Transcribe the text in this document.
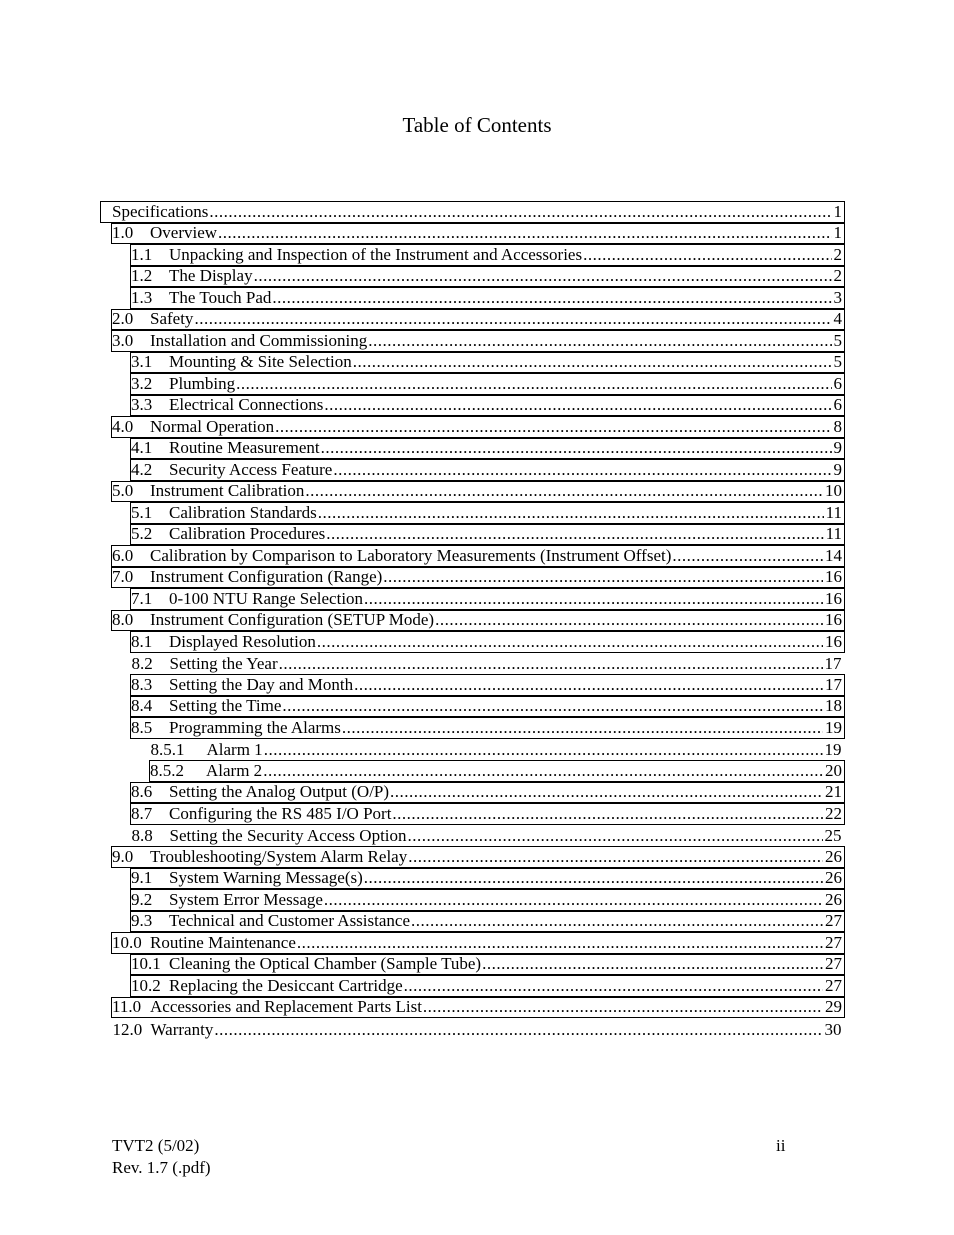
Table of Contents
Specifications .....	1
1.0 Overview .....	1
1.1 Unpacking and Inspection of the Instrument and Accessories .....	2
1.2 The Display .....	2
1.3 The Touch Pad .....	3
2.0 Safety .....	4
3.0 Installation and Commissioning .....	5
3.1 Mounting & Site Selection .....	5
3.2 Plumbing .....	6
3.3 Electrical Connections .....	6
4.0 Normal Operation .....	8
4.1 Routine Measurement .....	9
4.2 Security Access Feature .....	9
5.0 Instrument Calibration .....	10
5.1 Calibration Standards .....	11
5.2 Calibration Procedures .....	11
6.0 Calibration by Comparison to Laboratory Measurements (Instrument Offset) .....	14
7.0 Instrument Configuration (Range) .....	16
7.1 0-100 NTU Range Selection .....	16
8.0 Instrument Configuration (SETUP Mode) .....	16
8.1 Displayed Resolution .....	16
8.2 Setting the Year .....	17
8.3 Setting the Day and Month .....	17
8.4 Setting the Time .....	18
8.5 Programming the Alarms .....	19
8.5.1	Alarm 1 .....	19
8.5.2	Alarm 2 .....	20
8.6 Setting the Analog Output (O/P) .....	21
8.7 Configuring the RS 485 I/O Port .....	22
8.8 Setting the Security Access Option .....	25
9.0 Troubleshooting/System Alarm Relay .....	26
9.1 System Warning Message(s) .....	26
9.2 System Error Message .....	26
9.3 Technical and Customer Assistance .....	27
10.0 Routine Maintenance .....	27
10.1 Cleaning the Optical Chamber (Sample Tube) .....	27
10.2 Replacing the Desiccant Cartridge .....	27
11.0 Accessories and Replacement Parts List .....	29
12.0 Warranty .....	30
TVT2 (5/02)
Rev. 1.7 (.pdf)
ii
